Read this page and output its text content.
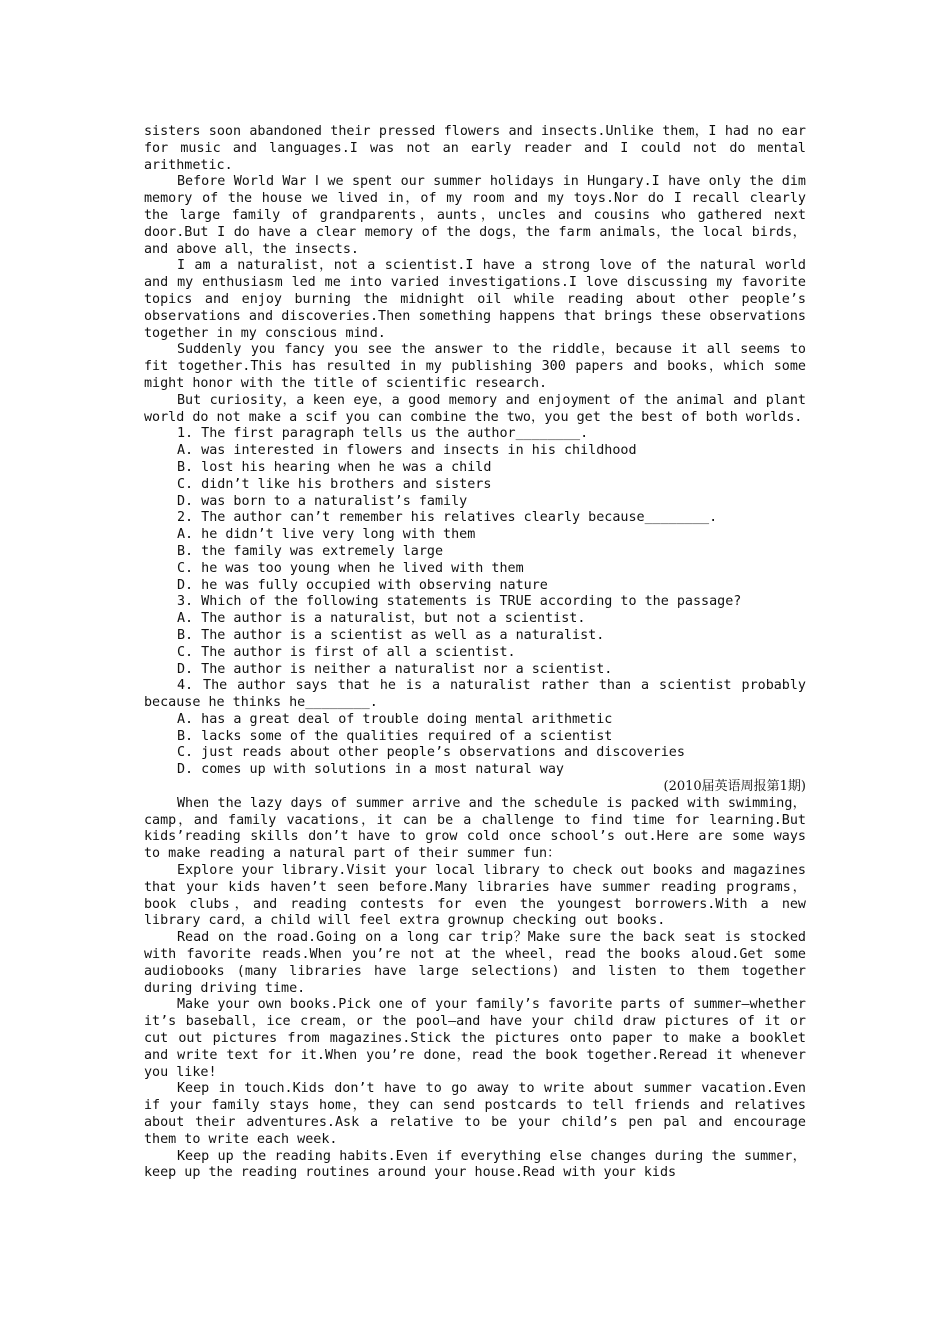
sisters soon abandoned their pressed flowers and insects.Unlike them，I had no ear for music and languages.I was not an early reader and I could not do mental arithmetic.

Before World War Ⅰ we spent our summer holidays in Hungary.I have only the dim memory of the house we lived in，of my room and my toys.Nor do I recall clearly the large family of grandparents，aunts，uncles and cousins who gathered next door.But I do have a clear memory of the dogs，the farm animals，the local birds，and above all，the insects.

I am a naturalist，not a scientist.I have a strong love of the natural world and my enthusiasm led me into varied investigations.I love discussing my favorite topics and enjoy burning the midnight oil while reading about other people’s observations and discoveries.Then something happens that brings these observations together in my conscious mind.

Suddenly you fancy you see the answer to the riddle，because it all seems to fit together.This has resulted in my publishing 300 papers and books，which some might honor with the title of scientific research.

But curiosity，a keen eye，a good memory and enjoyment of the animal and plant world do not make a scif you can combine the two，you get the best of both worlds.

1. The first paragraph tells us the author________.

A. was interested in flowers and insects in his childhood

B. lost his hearing when he was a child

C. didn’t like his brothers and sisters

D. was born to a naturalist’s family

2. The author can’t remember his relatives clearly because________.

A. he didn’t live very long with them

B. the family was extremely large

C. he was too young when he lived with them

D. he was fully occupied with observing nature

3. Which of the following statements is TRUE according to the passage?

A. The author is a naturalist，but not a scientist.

B. The author is a scientist as well as a naturalist.

C. The author is first of all a scientist.

D. The author is neither a naturalist nor a scientist.

4. The author says that he is a naturalist rather than a scientist probably because he thinks he________.

A. has a great deal of trouble doing mental arithmetic

B. lacks some of the qualities required of a scientist

C. just reads about other people’s observations and discoveries

D. comes up with solutions in a most natural way

(2010届英语周报第1期)

When the lazy days of summer arrive and the schedule is packed with swimming，camp，and family vacations，it can be a challenge to find time for learning.But kids’reading skills don’t have to grow cold once school’s out.Here are some ways to make reading a natural part of their summer fun：

Explore your library.Visit your local library to check out books and magazines that your kids haven’t seen before.Many libraries have summer reading programs，book clubs，and reading contests for even the youngest borrowers.With a new library card，a child will feel extra grownup checking out books.

Read on the road.Going on a long car trip？Make sure the back seat is stocked with favorite reads.When you’re not at the wheel，read the books aloud.Get some audiobooks (many libraries have large selections) and listen to them together during driving time.

Make your own books.Pick one of your family’s favorite parts of summer—whether it’s baseball，ice cream，or the pool—and have your child draw pictures of it or cut out pictures from magazines.Stick the pictures onto paper to make a booklet and write text for it.When you’re done，read the book together.Reread it whenever you like!

Keep in touch.Kids don’t have to go away to write about summer vacation.Even if your family stays home，they can send postcards to tell friends and relatives about their adventures.Ask a relative to be your child’s pen pal and encourage them to write each week.

Keep up the reading habits.Even if everything else changes during the summer，keep up the reading routines around your house.Read with your kids
